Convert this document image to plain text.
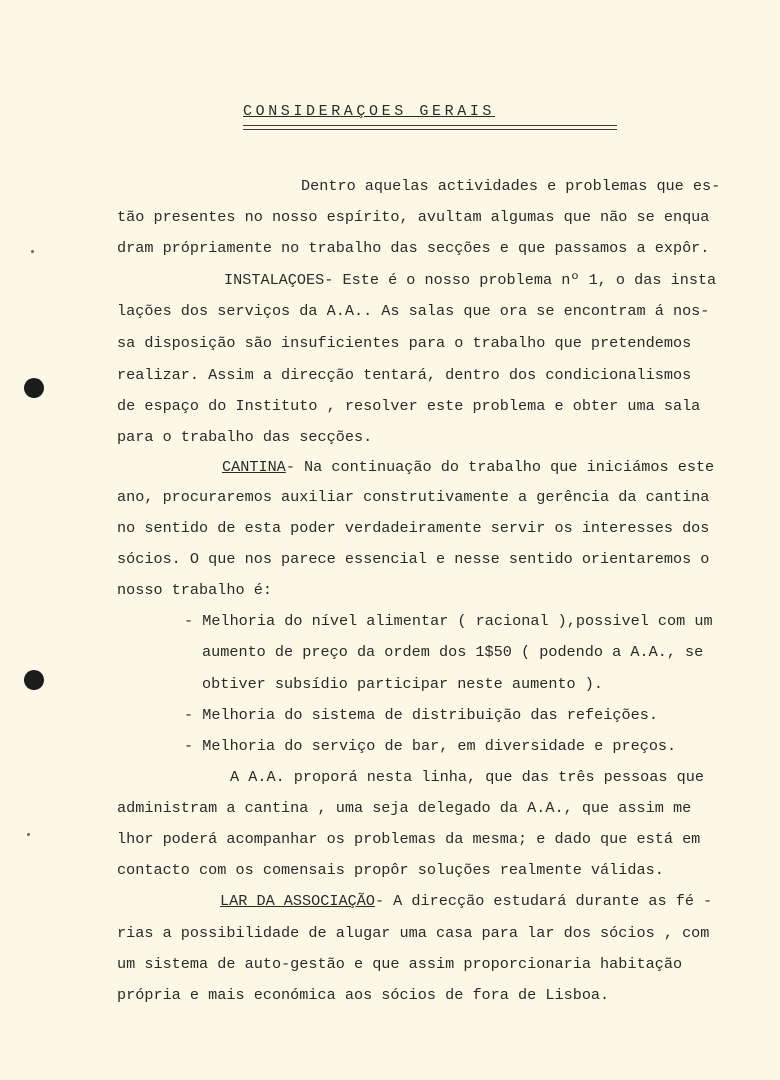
CONSIDERAÇOES GERAIS
Dentro aquelas actividades e problemas que es-
tão presentes no nosso espírito, avultam algumas que não se enqua
dram própriamente no trabalho das secções e que passamos a expôr.
INSTALAÇOES- Este é o nosso problema nº 1, o das insta
lações dos serviços da A.A.. As salas que ora se encontram á nos-
sa disposição são insuficientes para o trabalho que pretendemos
realizar. Assim a direcção tentará, dentro dos condicionalismos
de espaço do Instituto , resolver este problema e obter uma sala
para o trabalho das secções.
CANTINA- Na continuação do trabalho que iniciámos este
ano, procuraremos auxiliar construtivamente a gerência da cantina
no sentido de esta poder verdadeiramente servir os interesses dos
sócios. O que nos parece essencial e nesse sentido orientaremos o
nosso trabalho é:
- Melhoria do nível alimentar ( racional ),possivel com um
aumento de preço da ordem dos 1$50 ( podendo a A.A., se
obtiver subsídio participar neste aumento ).
- Melhoria do sistema de distribuição das refeições.
- Melhoria do serviço de bar, em diversidade e preços.
A A.A. proporá nesta linha, que das três pessoas que
administram a cantina , uma seja delegado da A.A., que assim me
lhor poderá acompanhar os problemas da mesma; e dado que está em
contacto com os comensais propôr soluções realmente válidas.
LAR DA ASSOCIAÇÃO- A direcção estudará durante as fé -
rias a possibilidade de alugar uma casa para lar dos sócios , com
um sistema de auto-gestão e que assim proporcionaria habitação
própria e mais económica aos sócios de fora de Lisboa.
